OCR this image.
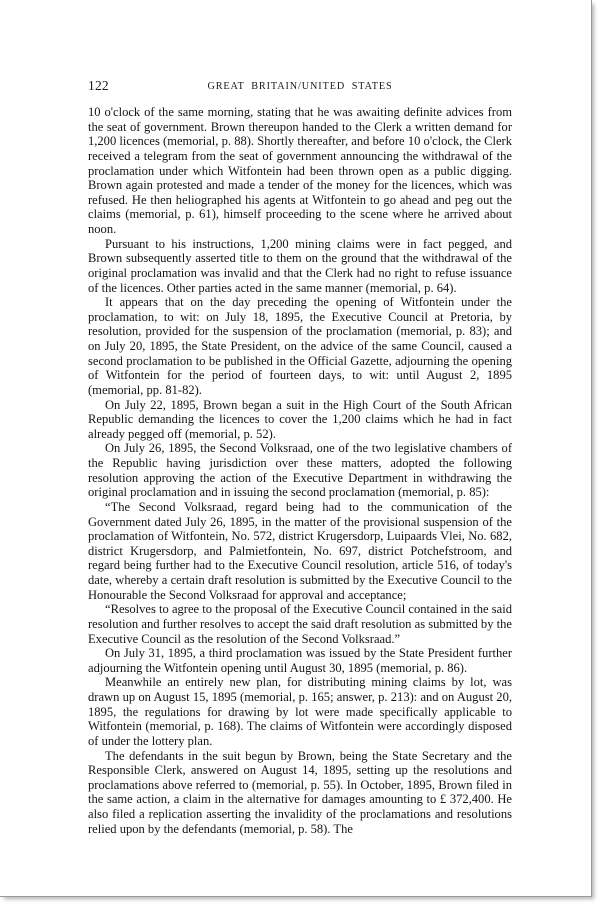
122	GREAT BRITAIN/UNITED STATES

10 o'clock of the same morning, stating that he was awaiting definite advices from the seat of government. Brown thereupon handed to the Clerk a written demand for 1,200 licences (memorial, p. 88). Shortly thereafter, and before 10 o'clock, the Clerk received a telegram from the seat of government announcing the withdrawal of the proclamation under which Witfontein had been thrown open as a public digging. Brown again protested and made a tender of the money for the licences, which was refused. He then heliographed his agents at Witfontein to go ahead and peg out the claims (memorial, p. 61), himself proceeding to the scene where he arrived about noon.

Pursuant to his instructions, 1,200 mining claims were in fact pegged, and Brown subsequently asserted title to them on the ground that the withdrawal of the original proclamation was invalid and that the Clerk had no right to refuse issuance of the licences. Other parties acted in the same manner (memorial, p. 64).

It appears that on the day preceding the opening of Witfontein under the proclamation, to wit: on July 18, 1895, the Executive Council at Pretoria, by resolution, provided for the suspension of the proclamation (memorial, p. 83); and on July 20, 1895, the State President, on the advice of the same Council, caused a second proclamation to be published in the Official Gazette, adjourning the opening of Witfontein for the period of fourteen days, to wit: until August 2, 1895 (memorial, pp. 81-82).

On July 22, 1895, Brown began a suit in the High Court of the South African Republic demanding the licences to cover the 1,200 claims which he had in fact already pegged off (memorial, p. 52).

On July 26, 1895, the Second Volksraad, one of the two legislative chambers of the Republic having jurisdiction over these matters, adopted the following resolution approving the action of the Executive Department in withdrawing the original proclamation and in issuing the second proclamation (memorial, p. 85):

“The Second Volksraad, regard being had to the communication of the Government dated July 26, 1895, in the matter of the provisional suspension of the proclamation of Witfontein, No. 572, district Krugersdorp, Luipaards Vlei, No. 682, district Krugersdorp, and Palmietfontein, No. 697, district Potchefstroom, and regard being further had to the Executive Council resolution, article 516, of today's date, whereby a certain draft resolution is submitted by the Executive Council to the Honourable the Second Volksraad for approval and acceptance;

“Resolves to agree to the proposal of the Executive Council contained in the said resolution and further resolves to accept the said draft resolution as submitted by the Executive Council as the resolution of the Second Volksraad.”

On July 31, 1895, a third proclamation was issued by the State President further adjourning the Witfontein opening until August 30, 1895 (memorial, p. 86).

Meanwhile an entirely new plan, for distributing mining claims by lot, was drawn up on August 15, 1895 (memorial, p. 165; answer, p. 213): and on August 20, 1895, the regulations for drawing by lot were made specifically applicable to Witfontein (memorial, p. 168). The claims of Witfontein were accordingly disposed of under the lottery plan.

The defendants in the suit begun by Brown, being the State Secretary and the Responsible Clerk, answered on August 14, 1895, setting up the resolutions and proclamations above referred to (memorial, p. 55). In October, 1895, Brown filed in the same action, a claim in the alternative for damages amounting to £ 372,400. He also filed a replication asserting the invalidity of the proclamations and resolutions relied upon by the defendants (memorial, p. 58). The
